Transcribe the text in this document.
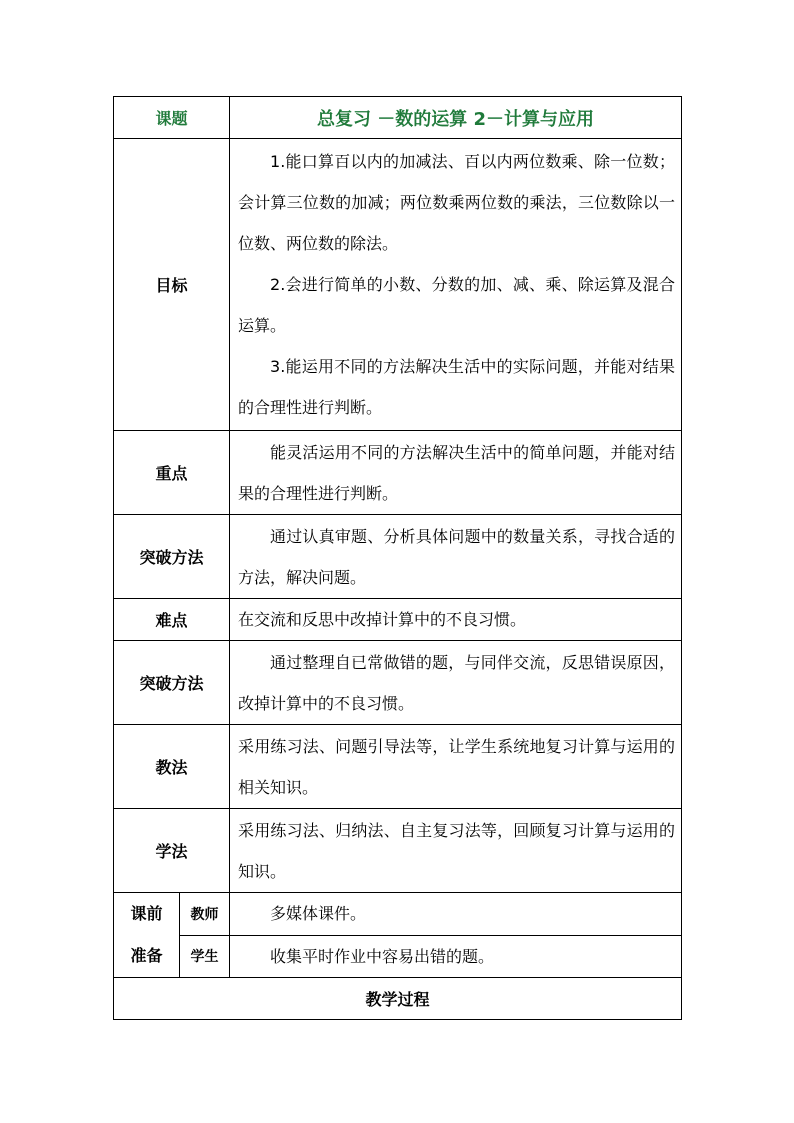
课题		总复习 －数的运算 2－计算与应用
目标		1.能口算百以内的加减法、百以内两位数乘、除一位数；会计算三位数的加减；两位数乘两位数的乘法，三位数除以一位数、两位数的除法。

2.会进行简单的小数、分数的加、减、乘、除运算及混合运算。

3.能运用不同的方法解决生活中的实际问题，并能对结果的合理性进行判断。

重点		能灵活运用不同的方法解决生活中的简单问题，并能对结果的合理性进行判断。

突破方法		通过认真审题、分析具体问题中的数量关系，寻找合适的方法，解决问题。

难点		在交流和反思中改掉计算中的不良习惯。

突破方法		通过整理自已常做错的题，与同伴交流，反思错误原因，改掉计算中的不良习惯。

教法		采用练习法、问题引导法等，让学生系统地复习计算与运用的相关知识。

学法		采用练习法、归纳法、自主复习法等，回顾复习计算与运用的知识。

课前
准备	教师	多媒体课件。

	学生	收集平时作业中容易出错的题。

教学过程		
